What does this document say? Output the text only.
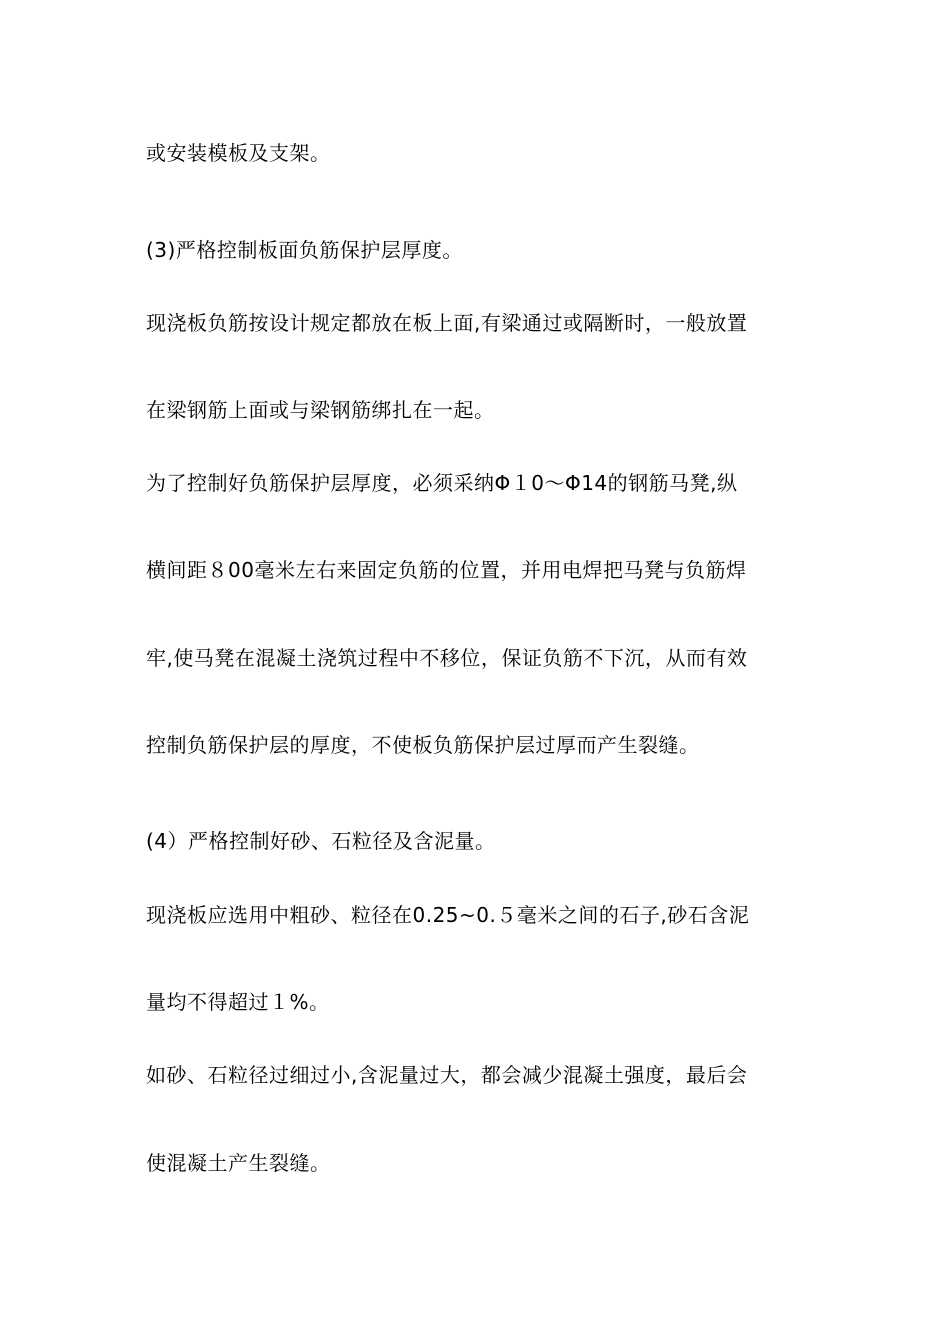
或安装模板及支架。

(3)严格控制板面负筋保护层厚度。

现浇板负筋按设计规定都放在板上面,有梁通过或隔断时，一般放置

在梁钢筋上面或与梁钢筋绑扎在一起。

为了控制好负筋保护层厚度，必须采纳Φ１0～Φ14的钢筋马凳,纵

横间距８00毫米左右来固定负筋的位置，并用电焊把马凳与负筋焊

牢,使马凳在混凝土浇筑过程中不移位，保证负筋不下沉，从而有效

控制负筋保护层的厚度，不使板负筋保护层过厚而产生裂缝。

(4）严格控制好砂、石粒径及含泥量。

现浇板应选用中粗砂、粒径在0.25~0.５毫米之间的石子,砂石含泥

量均不得超过１%。

如砂、石粒径过细过小,含泥量过大，都会减少混凝土强度，最后会

使混凝土产生裂缝。
